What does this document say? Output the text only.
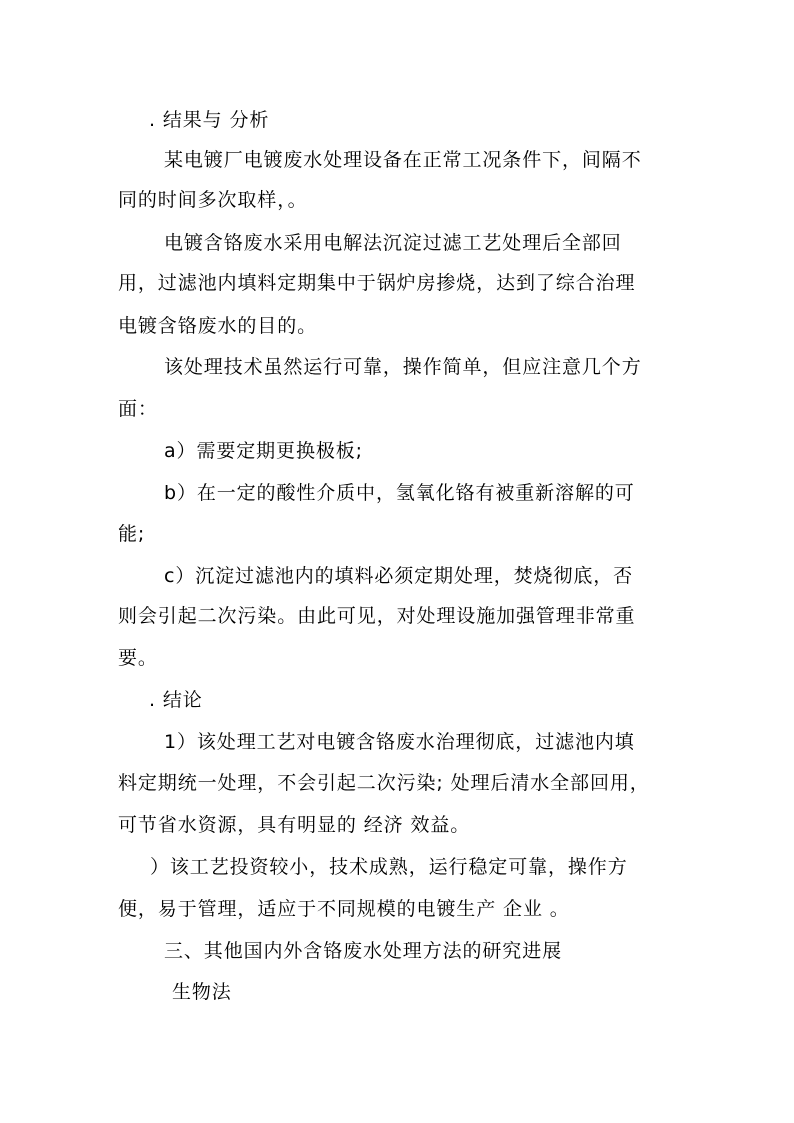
. 结果与 分析
某电镀厂电镀废水处理设备在正常工况条件下，间隔不
同的时间多次取样，。
电镀含铬废水采用电解法沉淀过滤工艺处理后全部回
用，过滤池内填料定期集中于锅炉房掺烧，达到了综合治理
电镀含铬废水的目的。
该处理技术虽然运行可靠，操作简单，但应注意几个方
面：
a）需要定期更换极板;
b）在一定的酸性介质中，氢氧化铬有被重新溶解的可
能;
c）沉淀过滤池内的填料必须定期处理，焚烧彻底，否
则会引起二次污染。由此可见，对处理设施加强管理非常重
要。
. 结论
1）该处理工艺对电镀含铬废水治理彻底，过滤池内填
料定期统一处理，不会引起二次污染; 处理后清水全部回用，
可节省水资源，具有明显的 经济 效益。
）该工艺投资较小，技术成熟，运行稳定可靠，操作方
便，易于管理，适应于不同规模的电镀生产 企业 。
三、其他国内外含铬废水处理方法的研究进展
生物法
